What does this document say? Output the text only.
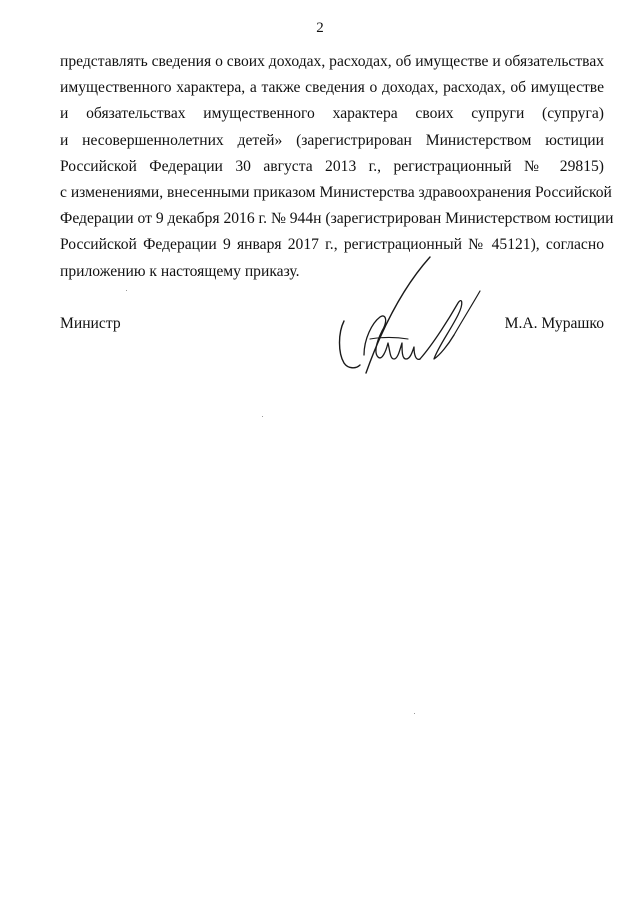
2
представлять сведения о своих доходах, расходах, об имуществе и обязательствах
имущественного характера, а также сведения о доходах, расходах, об имуществе
и обязательствах имущественного характера своих супруги (супруга)
и несовершеннолетних детей» (зарегистрирован Министерством юстиции
Российской Федерации 30 августа 2013 г., регистрационный № 29815)
с изменениями, внесенными приказом Министерства здравоохранения Российской
Федерации от 9 декабря 2016 г. № 944н (зарегистрирован Министерством юстиции
Российской Федерации 9 января 2017 г., регистрационный № 45121), согласно
приложению к настоящему приказу.
Министр	М.А. Мурашко
